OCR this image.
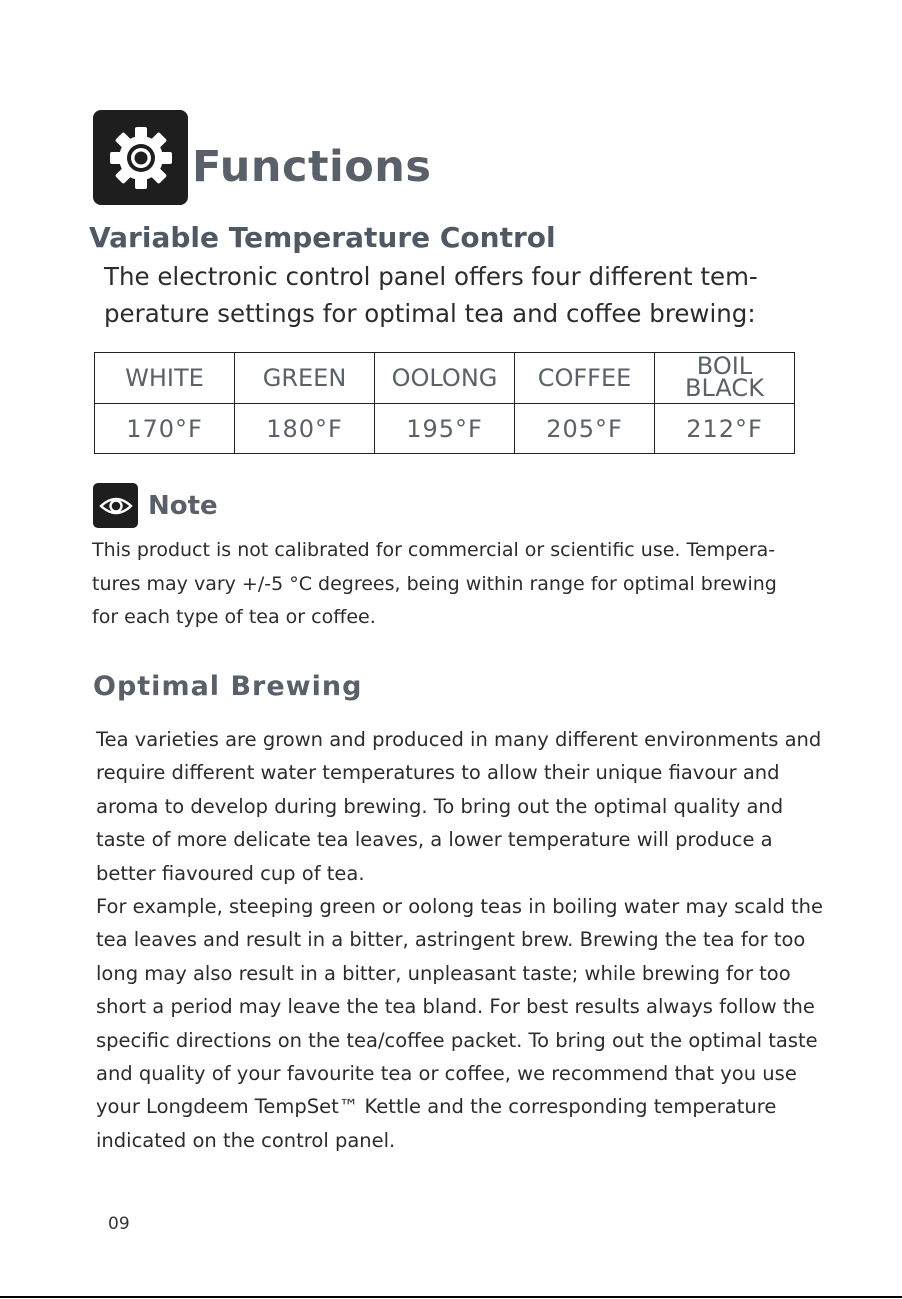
Functions
Variable Temperature Control
The electronic control panel offers four different tem-
perature settings for optimal tea and coffee brewing:
WHITE	GREEN	OOLONG	COFFEE	BOIL
BLACK
170°F	180°F	195°F	205°F	212°F
Note
This product is not calibrated for commercial or scientific use. Tempera-
tures may vary +/-5 °C degrees, being within range for optimal brewing
for each type of tea or coffee.
Optimal Brewing
Tea varieties are grown and produced in many different environments and
require different water temperatures to allow their unique fiavour and
aroma to develop during brewing. To bring out the optimal quality and
taste of more delicate tea leaves, a lower temperature will produce a
better fiavoured cup of tea.
For example, steeping green or oolong teas in boiling water may scald the
tea leaves and result in a bitter, astringent brew. Brewing the tea for too
long may also result in a bitter, unpleasant taste; while brewing for too
short a period may leave the tea bland. For best results always follow the
specific directions on the tea/coffee packet. To bring out the optimal taste
and quality of your favourite tea or coffee, we recommend that you use
your Longdeem TempSet™ Kettle and the corresponding temperature
indicated on the control panel.
09
